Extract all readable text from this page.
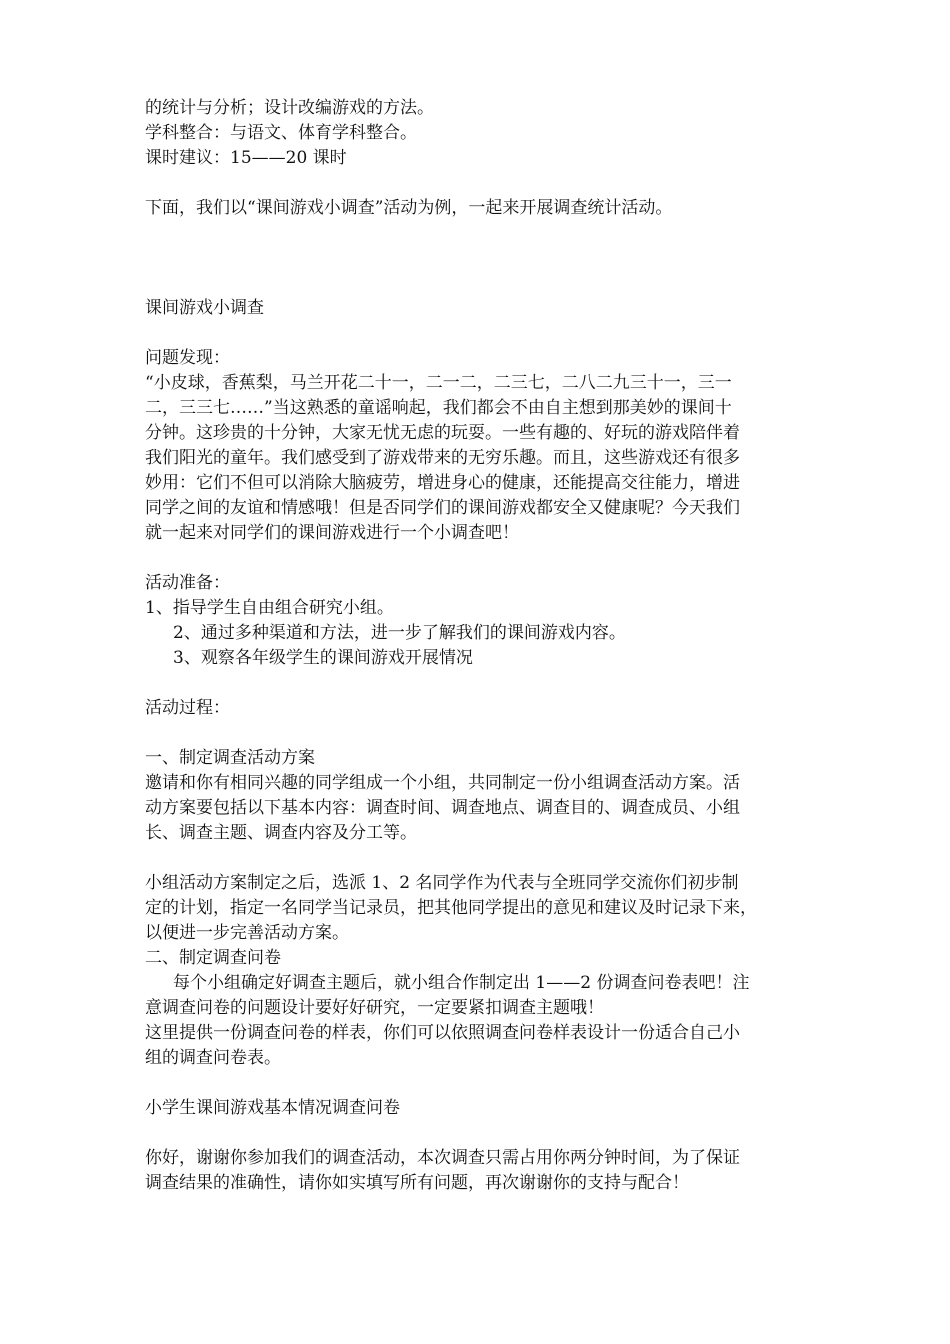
的统计与分析；设计改编游戏的方法。
学科整合：与语文、体育学科整合。
课时建议：15——20 课时
下面，我们以“课间游戏小调查”活动为例，一起来开展调查统计活动。
课间游戏小调查
问题发现：
“小皮球，香蕉梨，马兰开花二十一，二一二，二三七，二八二九三十一，三一
二，三三七……”当这熟悉的童谣响起，我们都会不由自主想到那美妙的课间十
分钟。这珍贵的十分钟，大家无忧无虑的玩耍。一些有趣的、好玩的游戏陪伴着
我们阳光的童年。我们感受到了游戏带来的无穷乐趣。而且，这些游戏还有很多
妙用：它们不但可以消除大脑疲劳，增进身心的健康，还能提高交往能力，增进
同学之间的友谊和情感哦！但是否同学们的课间游戏都安全又健康呢？今天我们
就一起来对同学们的课间游戏进行一个小调查吧！
活动准备：
1、指导学生自由组合研究小组。
2、通过多种渠道和方法，进一步了解我们的课间游戏内容。
3、观察各年级学生的课间游戏开展情况
活动过程：
一、制定调查活动方案
邀请和你有相同兴趣的同学组成一个小组，共同制定一份小组调查活动方案。活
动方案要包括以下基本内容：调查时间、调查地点、调查目的、调查成员、小组
长、调查主题、调查内容及分工等。
小组活动方案制定之后，选派 1、2 名同学作为代表与全班同学交流你们初步制
定的计划，指定一名同学当记录员，把其他同学提出的意见和建议及时记录下来，
以便进一步完善活动方案。
二、制定调查问卷
每个小组确定好调查主题后，就小组合作制定出 1——2 份调查问卷表吧！注
意调查问卷的问题设计要好好研究，一定要紧扣调查主题哦！
这里提供一份调查问卷的样表，你们可以依照调查问卷样表设计一份适合自己小
组的调查问卷表。
小学生课间游戏基本情况调查问卷
你好，谢谢你参加我们的调查活动，本次调查只需占用你两分钟时间，为了保证
调查结果的准确性，请你如实填写所有问题，再次谢谢你的支持与配合！
